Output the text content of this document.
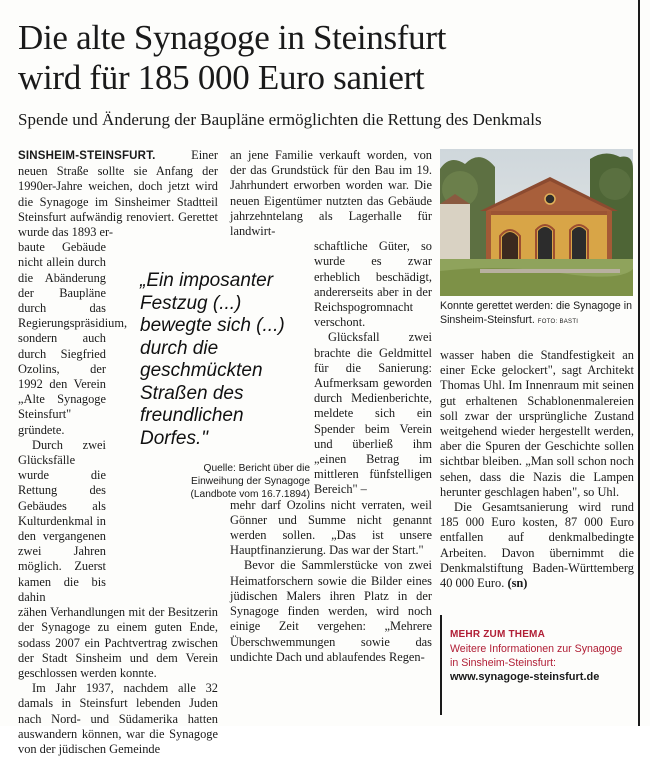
Die alte Synagoge in Steinsfurt
wird für 185 000 Euro saniert
Spende und Änderung der Baupläne ermöglichten die Rettung des Denkmals

SINSHEIM-STEINSFURT.	Einer neuen Straße sollte sie Anfang der 1990er-Jahre weichen, doch jetzt wird die Synagoge im Sinsheimer Stadtteil Steinsfurt aufwändig renoviert. Gerettet wurde das 1893 er-

baute Gebäude nicht allein durch die Abänderung der Baupläne durch das Regierungspräsidium, sondern auch durch Siegfried Ozolins, der 1992 den Verein „Alte Synagoge Steinsfurt" gründete.

Durch zwei Glücksfälle wurde die Rettung des Gebäudes als Kulturdenkmal in den vergangenen zwei Jahren möglich. Zuerst kamen die bis dahin

zähen Verhandlungen mit der Besitzerin der Synagoge zu einem guten Ende, sodass 2007 ein Pachtvertrag zwischen der Stadt Sinsheim und dem Verein geschlossen werden konnte.

Im Jahr 1937, nachdem alle 32 damals in Steinsfurt lebenden Juden nach Nord- und Südamerika hatten auswandern können, war die Synagoge von der jüdischen Gemeinde

„Ein imposanter Festzug (...) bewegte sich (...) durch die geschmückten Straßen des freundlichen Dorfes."
Quelle: Bericht über die
Einweihung der Synagoge
(Landbote vom 16.7.1894)

an jene Familie verkauft worden, von der das Grundstück für den Bau im 19. Jahrhundert erworben worden war. Die neuen Eigentümer nutzten das Gebäude jahrzehntelang als Lagerhalle für landwirt-

schaftliche Güter, so wurde es zwar erheblich beschädigt, andererseits aber in der Reichspogromnacht verschont.

Glücksfall zwei brachte die Geldmittel für die Sanierung: Aufmerksam geworden durch Medienberichte, meldete sich ein Spender beim Verein und überließ ihm „einen Betrag im mittleren fünfstelligen Bereich" –

mehr darf Ozolins nicht verraten, weil Gönner und Summe nicht genannt werden sollen. „Das ist unsere Hauptfinanzierung. Das war der Start."

Bevor die Sammlerstücke von zwei Heimatforschern sowie die Bilder eines jüdischen Malers ihren Platz in der Synagoge finden werden, wird noch einige Zeit vergehen: „Mehrere Überschwemmungen sowie das undichte Dach und ablaufendes Regen-

Konnte gerettet werden: die Synagoge in Sinsheim-Steinsfurt. FOTO: BASTI

wasser haben die Standfestigkeit an einer Ecke gelockert", sagt Architekt Thomas Uhl. Im Innenraum mit seinen gut erhaltenen Schablonenmalereien soll zwar der ursprüngliche Zustand weitgehend wieder hergestellt werden, aber die Spuren der Geschichte sollen sichtbar bleiben. „Man soll schon noch sehen, dass die Nazis die Lampen herunter geschlagen haben", so Uhl.

Die Gesamtsanierung wird rund 185 000 Euro kosten, 87 000 Euro entfallen auf denkmalbedingte Arbeiten. Davon übernimmt die Denkmalstiftung Baden-Württemberg 40 000 Euro. (sn)

MEHR ZUM THEMA
Weitere Informationen zur Synagoge
in Sinsheim-Steinsfurt:
www.synagoge-steinsfurt.de
